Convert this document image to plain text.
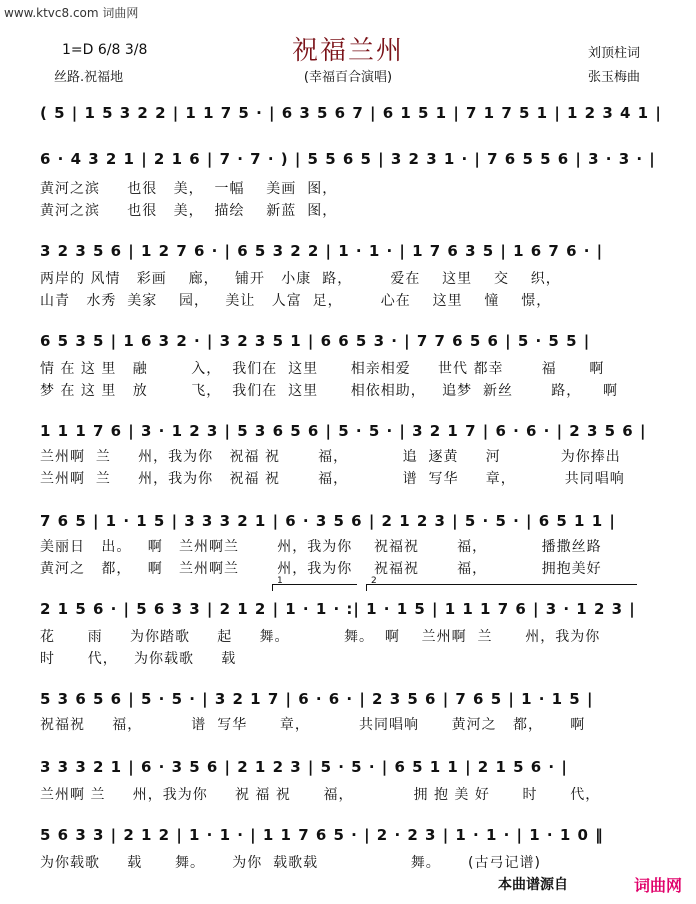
www.ktvc8.com 词曲网
祝福兰州
(幸福百合演唱)
1=D 6/8 3/8
丝路.祝福地
刘顶柱词
张玉梅曲
( 5 | 1 5 3 2 2 | 1 1 7 5 · | 6 3 5 6 7 | 6 1 5 1 | 7 1 7 5 1 | 1 2 3 4 1 |
6 · 4 3 2 1 | 2 1 6 | 7 · 7 · ) | 5 5 6 5 | 3 2 3 1 · | 7 6 5 5 6 | 3 · 3 · |
黄河之滨     也很   美，  一幅    美画  图，
黄河之滨     也很   美，  描绘    新蓝  图，
3 2 3 5 6 | 1 2 7 6 · | 6 5 3 2 2 | 1 · 1 · | 1 7 6 3 5 | 1 6 7 6 · |
两岸的 风情   彩画    廊，   铺开   小康  路，       爱在    这里    交    织，
山青   水秀  美家    园，   美让   人富  足，       心在    这里    憧    憬，
6 5 3 5 | 1 6 3 2 · | 3 2 3 5 1 | 6 6 5 3 · | 7 7 6 5 6 | 5 · 5 5 |
情 在 这 里   融        入，  我们在  这里      相亲相爱     世代 都幸       福      啊
梦 在 这 里   放        飞，  我们在  这里      相依相助，   追梦  新丝       路，    啊
1 1 1 7 6 | 3 · 1 2 3 | 5 3 6 5 6 | 5 · 5 · | 3 2 1 7 | 6 · 6 · | 2 3 5 6 |
兰州啊  兰     州，我为你   祝福 祝       福，          追  逐黄     河           为你捧出
兰州啊  兰     州，我为你   祝福 祝       福，          谱  写华     章，         共同唱响
7 6 5 | 1 · 1 5 | 3 3 3 2 1 | 6 · 3 5 6 | 2 1 2 3 | 5 · 5 · | 6 5 1 1 |
美丽日   出。   啊   兰州啊兰       州，我为你    祝福祝       福，          播撒丝路
黄河之   都，   啊   兰州啊兰       州，我为你    祝福祝       福，          拥抱美好
1	2
2 1 5 6 · | 5 6 3 3 | 2 1 2 | 1 · 1 · :| 1 · 1 5 | 1 1 1 7 6 | 3 · 1 2 3 |
花      雨     为你踏歌     起     舞。          舞。  啊    兰州啊  兰      州，我为你
时      代，   为你载歌     载
5 3 6 5 6 | 5 · 5 · | 3 2 1 7 | 6 · 6 · | 2 3 5 6 | 7 6 5 | 1 · 1 5 |
祝福祝     福，         谱  写华      章，         共同唱响      黄河之   都，     啊
3 3 3 2 1 | 6 · 3 5 6 | 2 1 2 3 | 5 · 5 · | 6 5 1 1 | 2 1 5 6 · |
兰州啊 兰     州，我为你     祝 福 祝      福，           拥 抱 美 好      时      代，
5 6 3 3 | 2 1 2 | 1 · 1 · | 1 1 7 6 5 · | 2 · 2 3 | 1 · 1 · | 1 · 1 0 ‖
为你载歌     载      舞。     为你  载歌载                 舞。     (古弓记谱)
本曲谱源自	词曲网
